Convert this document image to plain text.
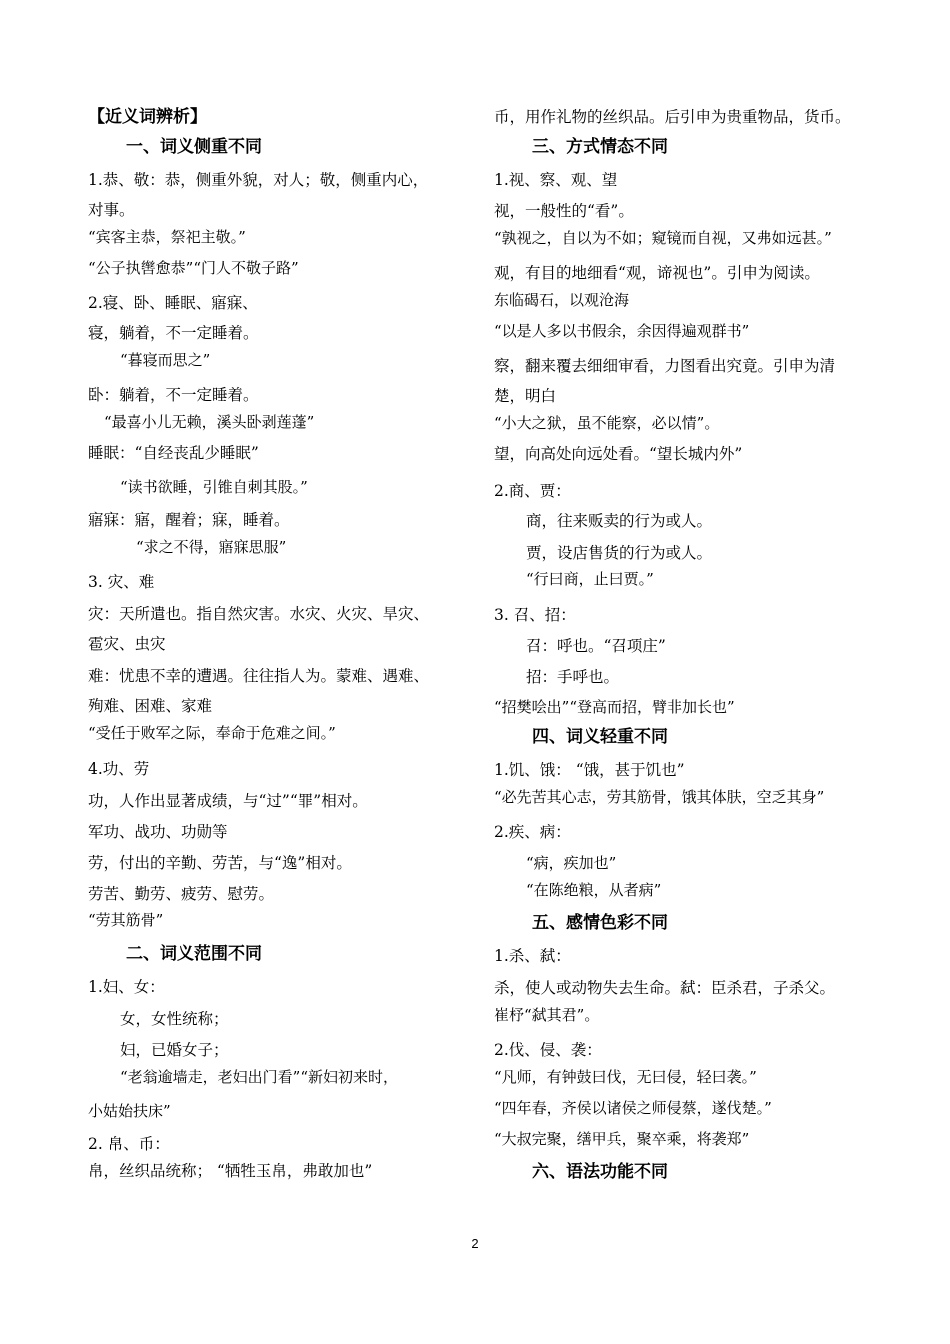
【近义词辨析】
一、词义侧重不同
1.恭、敬：恭，侧重外貌，对人；敬，侧重内心，
对事。
“宾客主恭，祭祀主敬。”
“公子执辔愈恭”“门人不敬子路”
2.寝、卧、睡眠、寤寐、
寝，躺着，不一定睡着。
“暮寝而思之”
卧：躺着，不一定睡着。
“最喜小儿无赖，溪头卧剥莲蓬”
睡眠：“自经丧乱少睡眠”
“读书欲睡，引锥自刺其股。”
寤寐：寤，醒着；寐，睡着。
“求之不得，寤寐思服”
3. 灾、难
灾：天所遣也。指自然灾害。水灾、火灾、旱灾、
雹灾、虫灾
难：忧患不幸的遭遇。往往指人为。蒙难、遇难、
殉难、困难、家难
“受任于败军之际，奉命于危难之间。”
4.功、劳
功，人作出显著成绩，与“过”“罪”相对。
军功、战功、功勋等
劳，付出的辛勤、劳苦，与“逸”相对。
劳苦、勤劳、疲劳、慰劳。
“劳其筋骨”
二、词义范围不同
1.妇、女：
女，女性统称；
妇，已婚女子；
“老翁逾墙走，老妇出门看”“新妇初来时，
小姑始扶床”
2. 帛、币：
帛，丝织品统称； “牺牲玉帛，弗敢加也”
币，用作礼物的丝织品。后引申为贵重物品，货币。
三、方式情态不同
1.视、察、观、望
视，一般性的“看”。
“孰视之，自以为不如；窥镜而自视，又弗如远甚。”
观，有目的地细看“观，谛视也”。引申为阅读。
东临碣石，以观沧海
“以是人多以书假余，余因得遍观群书”
察，翻来覆去细细审看，力图看出究竟。引申为清
楚，明白
“小大之狱，虽不能察，必以情”。
望，向高处向远处看。“望长城内外”
2.商、贾：
商，往来贩卖的行为或人。
贾，设店售货的行为或人。
“行曰商，止曰贾。”
3. 召、招：
召：呼也。“召项庄”
招：手呼也。
“招樊哙出”“登高而招，臂非加长也”
四、词义轻重不同
1.饥、饿： “饿，甚于饥也”
“必先苦其心志，劳其筋骨，饿其体肤，空乏其身”
2.疾、病：
“病，疾加也”
“在陈绝粮，从者病”
五、感情色彩不同
1.杀、弑：
杀，使人或动物失去生命。弑：臣杀君，子杀父。
崔杼“弑其君”。
2.伐、侵、袭：
“凡师，有钟鼓曰伐，无曰侵，轻曰袭。”
“四年春，齐侯以诸侯之师侵蔡，遂伐楚。”
“大叔完聚，缮甲兵，聚卒乘，将袭郑”
六、语法功能不同
2
